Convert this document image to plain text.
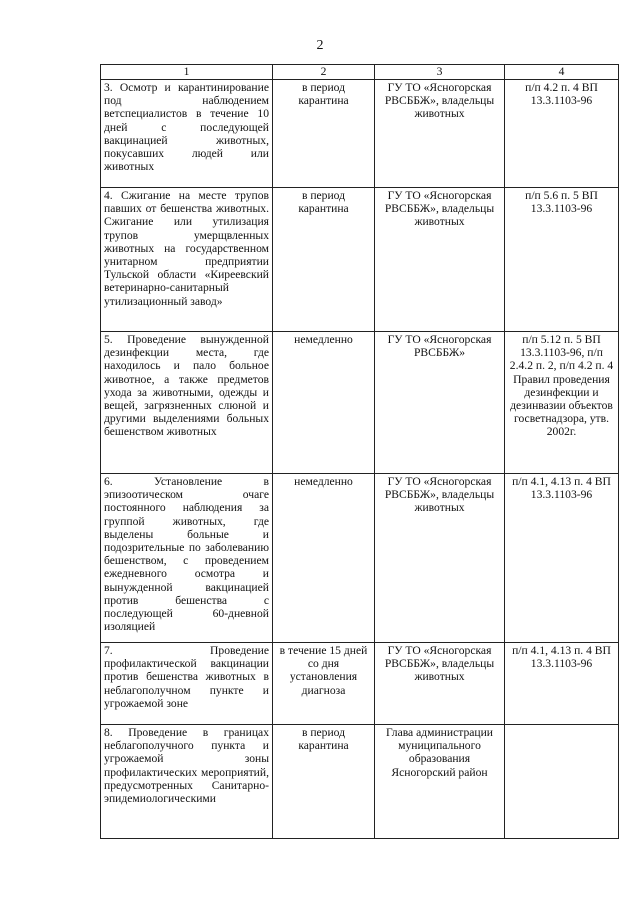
2
1	2	3	4
3. Осмотр и карантинирование под наблюдением ветспециалистов в течение 10 дней с последующей вакцинацией животных, покусавших людей или животных	в период карантина	ГУ ТО «Ясногорская РВСББЖ», владельцы животных	п/п 4.2 п. 4 ВП 13.3.1103-96
4. Сжигание на месте трупов павших от бешенства животных. Сжигание или утилизация трупов умерщвленных животных на государственном унитарном предприятии Тульской области «Киреевский ветеринарно-санитарный утилизационный завод»	в период карантина	ГУ ТО «Ясногорская РВСББЖ», владельцы животных	п/п 5.6 п. 5 ВП 13.3.1103-96
5. Проведение вынужденной дезинфекции места, где находилось и пало больное животное, а также предметов ухода за животными, одежды и вещей, загрязненных слюной и другими выделениями больных бешенством животных	немедленно	ГУ ТО «Ясногорская РВСББЖ»	п/п 5.12 п. 5 ВП 13.3.1103-96, п/п 2.4.2 п. 2, п/п 4.2 п. 4 Правил проведения дезинфекции и дезинвазии объектов госветнадзора, утв. 2002г.
6. Установление в эпизоотическом очаге постоянного наблюдения за группой животных, где выделены больные и подозрительные по заболеванию бешенством, с проведением ежедневного осмотра и вынужденной вакцинацией против бешенства с последующей 60-дневной изоляцией	немедленно	ГУ ТО «Ясногорская РВСББЖ», владельцы животных	п/п 4.1, 4.13 п. 4 ВП 13.3.1103-96
7. Проведение профилактической вакцинации против бешенства животных в неблагополучном пункте и угрожаемой зоне	в течение 15 дней со дня установления диагноза	ГУ ТО «Ясногорская РВСББЖ», владельцы животных	п/п 4.1, 4.13 п. 4 ВП 13.3.1103-96
8. Проведение в границах неблагополучного пункта и угрожаемой зоны профилактических мероприятий, предусмотренных Санитарно-эпидемиологическими	в период карантина	Глава администрации муниципального образования Ясногорский район	
